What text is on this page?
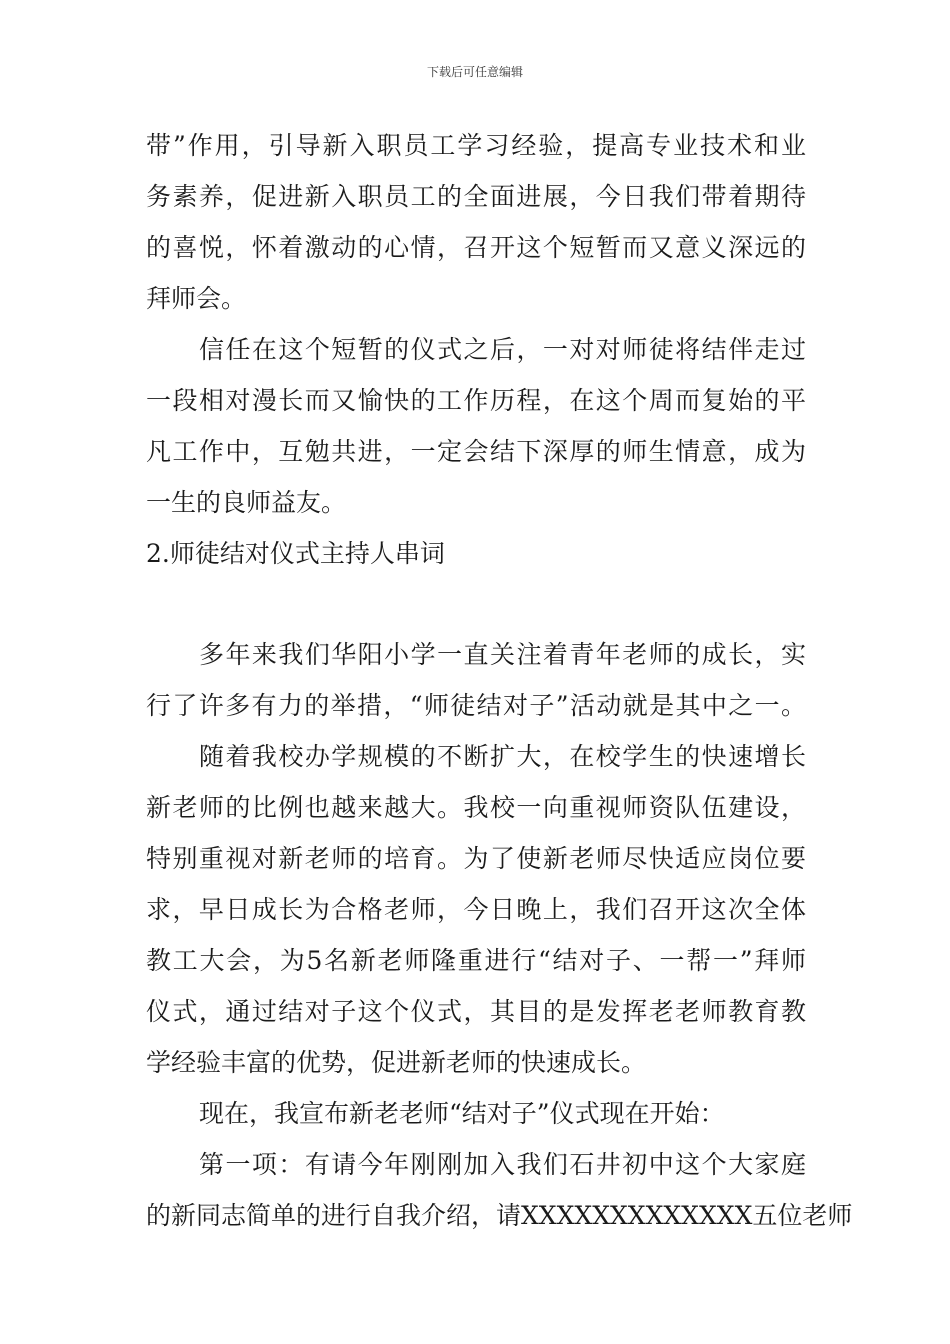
下载后可任意编辑
带”作用，引导新入职员工学习经验，提高专业技术和业
务素养，促进新入职员工的全面进展，今日我们带着期待
的喜悦，怀着激动的心情，召开这个短暂而又意义深远的
拜师会。
信任在这个短暂的仪式之后，一对对师徒将结伴走过
一段相对漫长而又愉快的工作历程，在这个周而复始的平
凡工作中，互勉共进，一定会结下深厚的师生情意，成为
一生的良师益友。
2.师徒结对仪式主持人串词
多年来我们华阳小学一直关注着青年老师的成长，实
行了许多有力的举措，“师徒结对子”活动就是其中之一。
随着我校办学规模的不断扩大，在校学生的快速增长
新老师的比例也越来越大。我校一向重视师资队伍建设，
特别重视对新老师的培育。为了使新老师尽快适应岗位要
求，早日成长为合格老师，今日晚上，我们召开这次全体
教工大会，为5名新老师隆重进行“结对子、一帮一”拜师
仪式，通过结对子这个仪式，其目的是发挥老老师教育教
学经验丰富的优势，促进新老师的快速成长。
现在，我宣布新老老师“结对子”仪式现在开始：
第一项：有请今年刚刚加入我们石井初中这个大家庭
的新同志简单的进行自我介绍，请XXXXXXXXXXXXX五位老师
